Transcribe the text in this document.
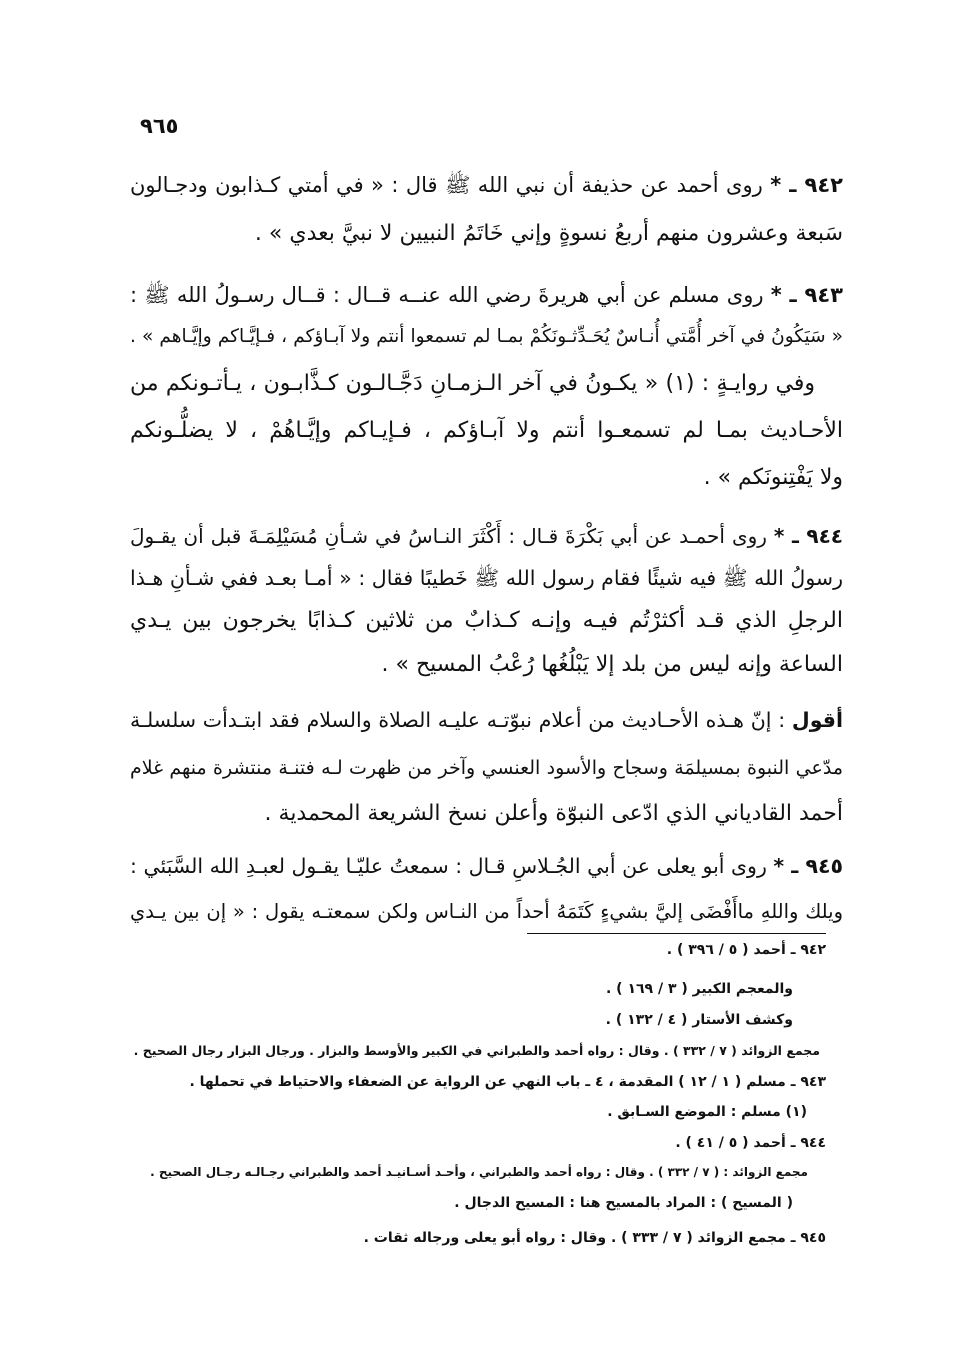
٩٦٥
٩٤٢ ـ * روى أحمد عن حذيفة أن نبي الله ﷺ قال : « في أمتي كـذابون ودجـالون
سَبعة وعشرون منهم أربعُ نسوةٍ وإني خَاتَمُ النبيين لا نبيَّ بعدي » .
٩٤٣ ـ * روى مسلم عن أبي هريرةَ رضي الله عنــه قــال : قــال رسـولُ الله ﷺ :
« سَيَكُونُ في آخر أُمَّتي أُنـاسٌ يُحَـدِّثـونَكُمْ بمـا لم تسمعوا أنتم ولا آبـاؤكم ، فـإيَّـاكم وإيَّـاهم » .
وفي روايـةٍ : (١) « يكـونُ في آخر الـزمـانِ دَجَّـالـون كـذَّابـون ، يـأتـونكم من
الأحـاديث بمـا لم تسمعـوا أنتم ولا آبـاؤكم ، فـإيـاكم وإيَّـاهُمْ ، لا يضلُّـونكم
ولا يَفْتِنونَكم » .
٩٤٤ ـ * روى أحمـد عن أبي بَكْرَةَ قـال : أَكْثَرَ النـاسُ في شـأنِ مُسَيْلِمَـةَ قبل أن يقـولَ
رسولُ الله ﷺ فيه شيئًا فقام رسول الله ﷺ خَطيبًا فقال : « أمـا بعـد ففي شـأنِ هـذا
الرجلِ الذي قـد أكثرْتُم فيـه وإنـه كـذابٌ من ثلاثين كـذابًا يخرجون بين يـدي
الساعة وإنه ليس من بلد إلا يَبْلُغُها رُعْبُ المسيح » .
أقول : إنّ هـذه الأحـاديث من أعلام نبوّتـه عليـه الصلاة والسلام فقد ابتـدأت سلسلـة
مدّعي النبوة بمسيلمَة وسجاح والأسود العنسي وآخر من ظهرت لـه فتنـة منتشرة منهم غلام
أحمد القادياني الذي ادّعى النبوّة وأعلن نسخ الشريعة المحمدية .
٩٤٥ ـ * روى أبو يعلى عن أبي الجُـلاسِ قـال : سمعتُ عليّـا يقـول لعبـدِ الله السَّبَئي :
ويلك واللهِ ماأَفْضَى إليَّ بشيءٍ كَتَمَهُ أحداً من النـاس ولكن سمعتـه يقول : « إن بين يـدي
٩٤٢ ـ أحمد ( ٥ / ٣٩٦ ) .
والمعجم الكبير ( ٣ / ١٦٩ ) .
وكشف الأستار ( ٤ / ١٣٢ ) .
مجمع الزوائد ( ٧ / ٣٣٢ ) . وقال : رواه أحمد والطبراني في الكبير والأوسط والبزار . ورجال البزار رجال الصحيح .
٩٤٣ ـ مسلم ( ١ / ١٢ ) المقدمة ، ٤ ـ باب النهي عن الرواية عن الضعفاء والاحتياط في تحملها .
(١) مسلم : الموضع السـابق .
٩٤٤ ـ أحمد ( ٥ / ٤١ ) .
مجمع الزوائد : ( ٧ / ٣٣٢ ) . وقال : رواه أحمد والطبراني ، وأحـد أسـانيـد أحمد والطبراني رجـالـه رجـال الصحيح .
( المسيح ) : المراد بالمسيح هنا : المسيح الدجال .
٩٤٥ ـ مجمع الزوائد ( ٧ / ٣٣٣ ) . وقال : رواه أبو يعلى ورجاله ثقات .
